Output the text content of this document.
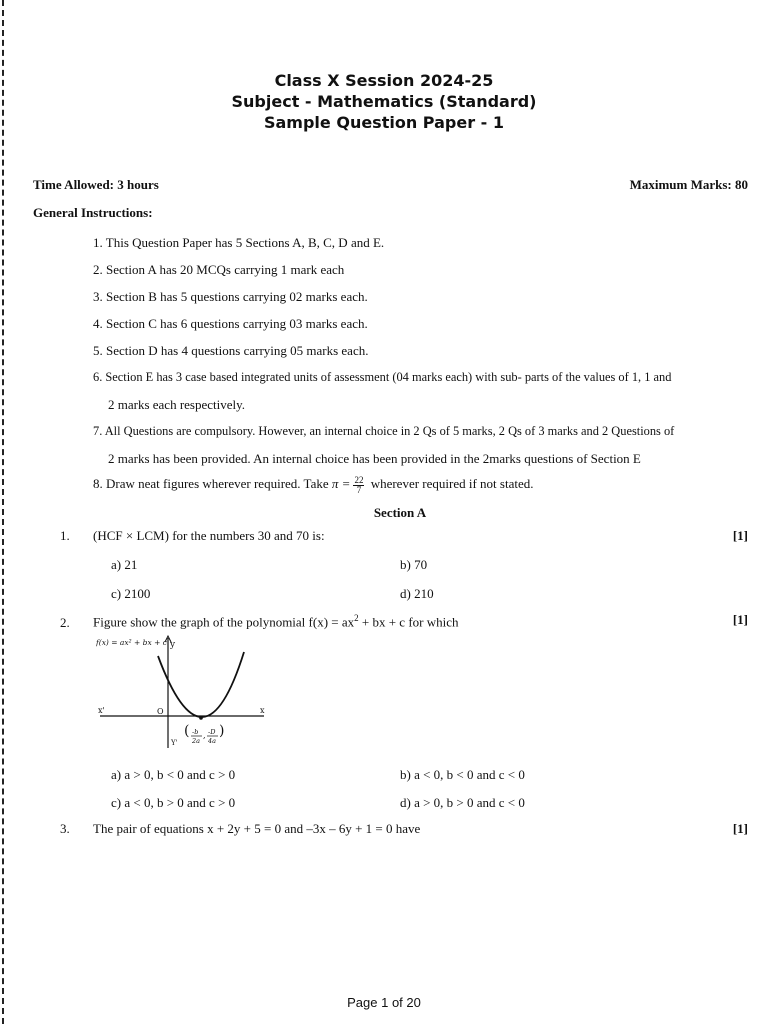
Class X Session 2024-25
Subject - Mathematics (Standard)
Sample Question Paper - 1
Time Allowed: 3 hours	Maximum Marks: 80
General Instructions:
1. This Question Paper has 5 Sections A, B, C, D and E.
2. Section A has 20 MCQs carrying 1 mark each
3. Section B has 5 questions carrying 02 marks each.
4. Section C has 6 questions carrying 03 marks each.
5. Section D has 4 questions carrying 05 marks each.
6. Section E has 3 case based integrated units of assessment (04 marks each) with sub- parts of the values of 1, 1 and
2 marks each respectively.
7. All Questions are compulsory. However, an internal choice in 2 Qs of 5 marks, 2 Qs of 3 marks and 2 Questions of
2 marks has been provided. An internal choice has been provided in the 2marks questions of Section E
8. Draw neat figures wherever required. Take $\pi = \frac{22}{7}$ wherever required if not stated.
Section A
1. (HCF × LCM) for the numbers 30 and 70 is:	[1]
a) 21	b) 70
c) 2100	d) 210
2. Figure show the graph of the polynomial $f(x) = ax^2$ + bx + c for which	[1]
f(x) = ax² + bx + c y
x'	x
O
Y'
( -b
2a
, -D
4a
)
a) a > 0, b < 0 and c > 0	b) a < 0, b < 0 and c < 0
c) a < 0, b > 0 and c > 0	d) a > 0, b > 0 and c < 0
3. The pair of equations x + 2y + 5 = 0 and –3x – 6y + 1 = 0 have	[1]
Page 1 of 20
